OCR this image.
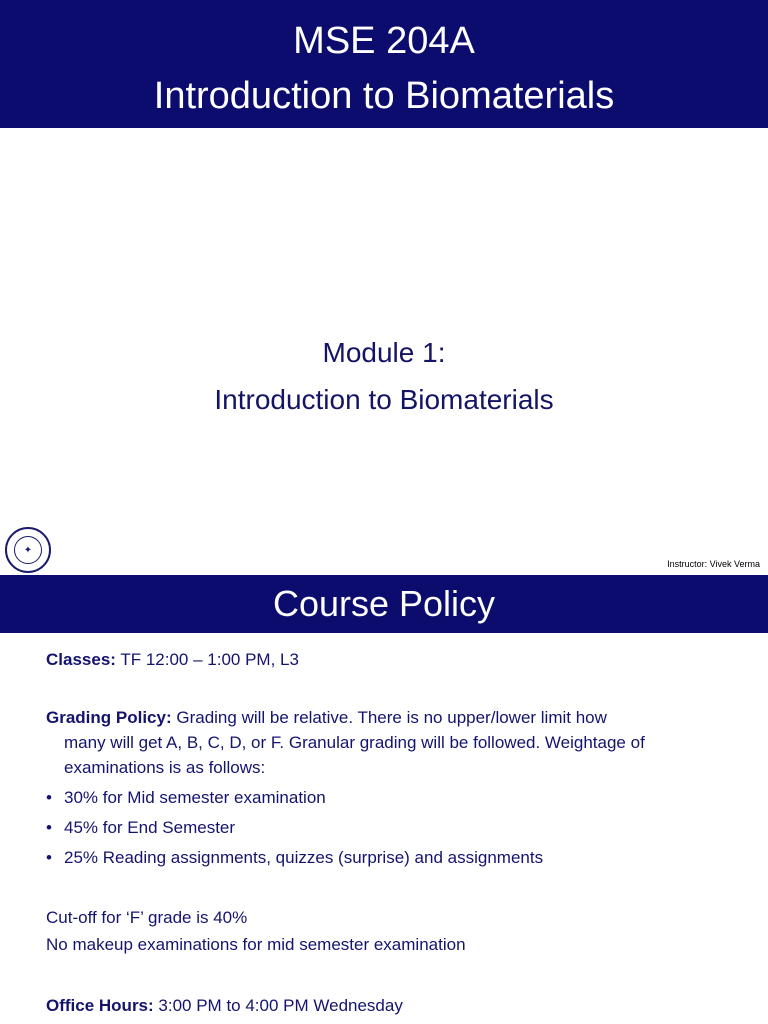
MSE 204A
Introduction to Biomaterials
Module 1:
Introduction to Biomaterials
✦
Instructor: Vivek Verma
Course Policy
Classes: TF 12:00 – 1:00 PM, L3
Grading Policy: Grading will be relative. There is no upper/lower limit how
many will get A, B, C, D, or F. Granular grading will be followed. Weightage of examinations is as follows:
• 30% for Mid semester examination
• 45% for End Semester
• 25% Reading assignments, quizzes (surprise) and assignments
Cut-off for ‘F’ grade is 40%
No makeup examinations for mid semester examination
Office Hours: 3:00 PM to 4:00 PM Wednesday
